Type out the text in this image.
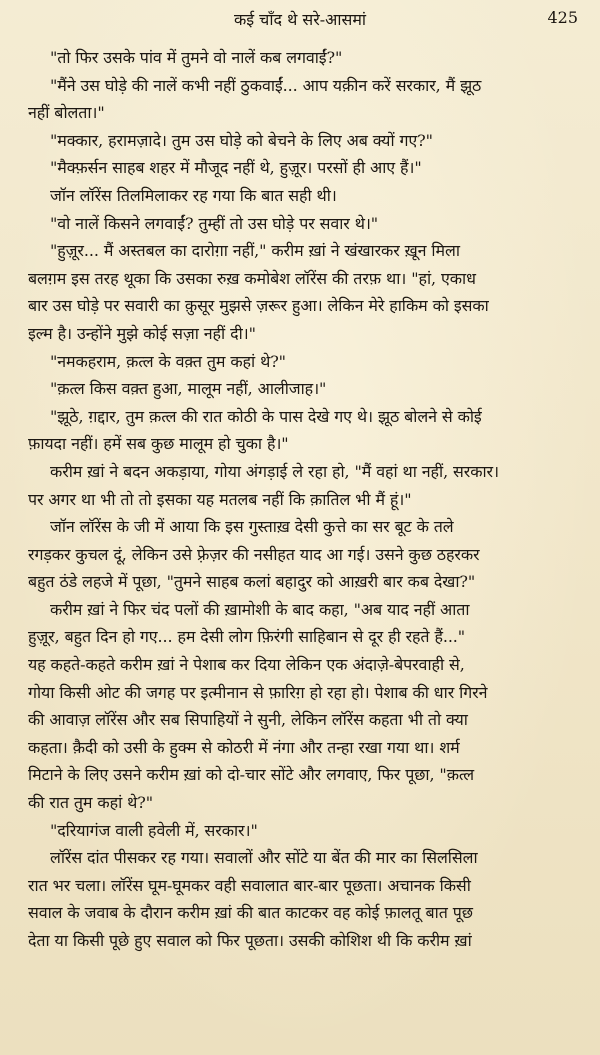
कई चाँद थे सरे-आसमां	425
"तो फिर उसके पांव में तुमने वो नालें कब लगवाईं?"
"मैंने उस घोड़े की नालें कभी नहीं ठुकवाईं... आप यक़ीन करें सरकार, मैं झूठ
नहीं बोलता।"
"मक्कार, हरामज़ादे। तुम उस घोड़े को बेचने के लिए अब क्यों गए?"
"मैक्फ़र्सन साहब शहर में मौजूद नहीं थे, हुज़ूर। परसों ही आए हैं।"
जॉन लॉरेंस तिलमिलाकर रह गया कि बात सही थी।
"वो नालें किसने लगवाईं? तुम्हीं तो उस घोड़े पर सवार थे।"
"हुज़ूर... मैं अस्तबल का दारोग़ा नहीं," करीम ख़ां ने खंखारकर ख़ून मिला
बलग़म इस तरह थूका कि उसका रुख़ कमोबेश लॉरेंस की तरफ़ था। "हां, एकाध
बार उस घोड़े पर सवारी का क़ुसूर मुझसे ज़रूर हुआ। लेकिन मेरे हाकिम को इसका
इल्म है। उन्होंने मुझे कोई सज़ा नहीं दी।"
"नमकहराम, क़त्ल के वक़्त तुम कहां थे?"
"क़त्ल किस वक़्त हुआ, मालूम नहीं, आलीजाह।"
"झूठे, ग़द्दार, तुम क़त्ल की रात कोठी के पास देखे गए थे। झूठ बोलने से कोई
फ़ायदा नहीं। हमें सब कुछ मालूम हो चुका है।"
करीम ख़ां ने बदन अकड़ाया, गोया अंगड़ाई ले रहा हो, "मैं वहां था नहीं, सरकार।
पर अगर था भी तो तो इसका यह मतलब नहीं कि क़ातिल भी मैं हूं।"
जॉन लॉरेंस के जी में आया कि इस गुस्ताख़ देसी कुत्ते का सर बूट के तले
रगड़कर कुचल दूं, लेकिन उसे फ़्रेज़र की नसीहत याद आ गई। उसने कुछ ठहरकर
बहुत ठंडे लहजे में पूछा, "तुमने साहब कलां बहादुर को आख़री बार कब देखा?"
करीम ख़ां ने फिर चंद पलों की ख़ामोशी के बाद कहा, "अब याद नहीं आता
हुज़ूर, बहुत दिन हो गए... हम देसी लोग फ़िरंगी साहिबान से दूर ही रहते हैं..."
यह कहते-कहते करीम ख़ां ने पेशाब कर दिया लेकिन एक अंदाज़े-बेपरवाही से,
गोया किसी ओट की जगह पर इत्मीनान से फ़ारिग़ हो रहा हो। पेशाब की धार गिरने
की आवाज़ लॉरेंस और सब सिपाहियों ने सुनी, लेकिन लॉरेंस कहता भी तो क्या
कहता। क़ैदी को उसी के हुक्म से कोठरी में नंगा और तन्हा रखा गया था। शर्म
मिटाने के लिए उसने करीम ख़ां को दो-चार सोंटे और लगवाए, फिर पूछा, "क़त्ल
की रात तुम कहां थे?"
"दरियागंज वाली हवेली में, सरकार।"
लॉरेंस दांत पीसकर रह गया। सवालों और सोंटे या बेंत की मार का सिलसिला
रात भर चला। लॉरेंस घूम-घूमकर वही सवालात बार-बार पूछता। अचानक किसी
सवाल के जवाब के दौरान करीम ख़ां की बात काटकर वह कोई फ़ालतू बात पूछ
देता या किसी पूछे हुए सवाल को फिर पूछता। उसकी कोशिश थी कि करीम ख़ां
